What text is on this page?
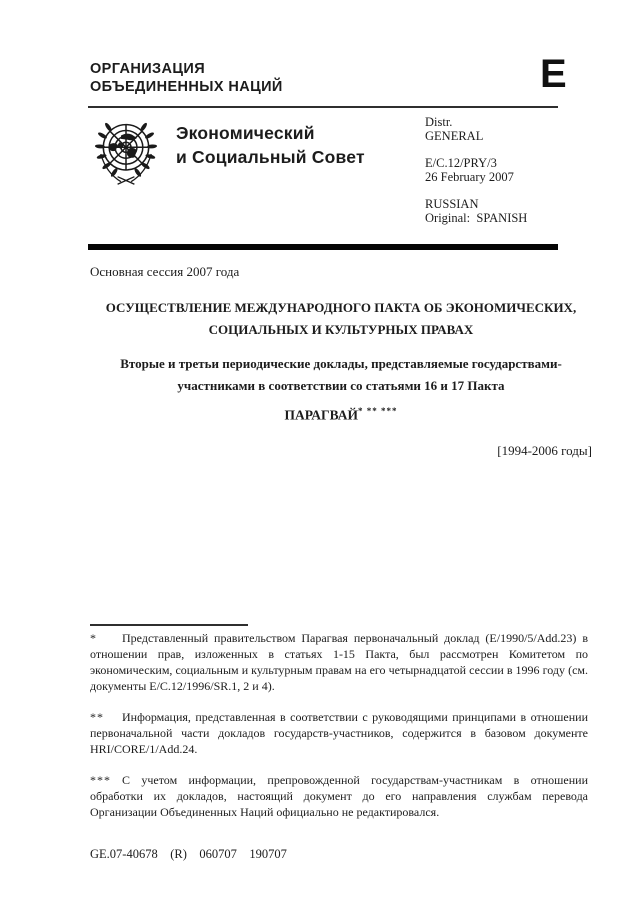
ОРГАНИЗАЦИЯ
ОБЪЕДИНЕННЫХ НАЦИЙ	E
Экономический
и Социальный Совет
Distr.
GENERAL
E/C.12/PRY/3
26 February 2007
RUSSIAN
Original:  SPANISH
Основная сессия 2007 года
ОСУЩЕСТВЛЕНИЕ МЕЖДУНАРОДНОГО ПАКТА ОБ ЭКОНОМИЧЕСКИХ,
СОЦИАЛЬНЫХ И КУЛЬТУРНЫХ ПРАВАХ
Вторые и третьи периодические доклады, представляемые государствами-
участниками в соответствии со статьями 16 и 17 Пакта
ПАРАГВАЙ* ** ***
[1994-2006 годы]

* Представленный правительством Парагвая первоначальный доклад (E/1990/5/Add.23) в отношении прав, изложенных в статьях 1-15 Пакта, был рассмотрен Комитетом по экономическим, социальным и культурным правам на его четырнадцатой сессии в 1996 году (см. документы E/C.12/1996/SR.1, 2 и 4).

** Информация, представленная в соответствии с руководящими принципами в отношении первоначальной части докладов государств-участников, содержится в базовом документе HRI/CORE/1/Add.24.

*** С учетом информации, препровожденной государствам-участникам в отношении обработки их докладов, настоящий документ до его направления службам перевода Организации Объединенных Наций официально не редактировался.

GE.07-40678    (R)    060707    190707
